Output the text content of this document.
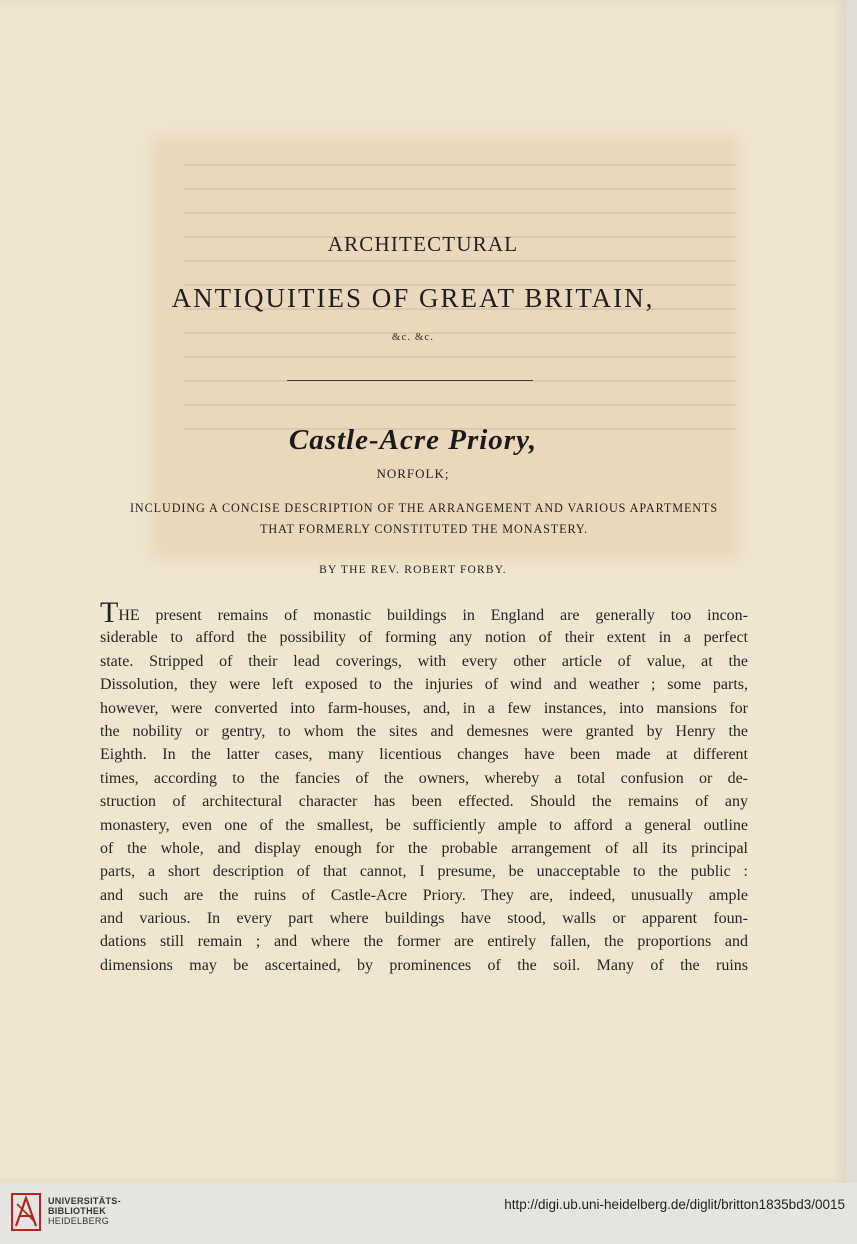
ARCHITECTURAL
ANTIQUITIES OF GREAT BRITAIN,
&c. &c.
Castle-Acre Priory,
NORFOLK;
INCLUDING A CONCISE DESCRIPTION OF THE ARRANGEMENT AND VARIOUS APARTMENTS
THAT FORMERLY CONSTITUTED THE MONASTERY.
BY THE REV. ROBERT FORBY.
THE present remains of monastic buildings in England are generally too incon-
siderable to afford the possibility of forming any notion of their extent in a perfect
state. Stripped of their lead coverings, with every other article of value, at the
Dissolution, they were left exposed to the injuries of wind and weather ; some parts,
however, were converted into farm-houses, and, in a few instances, into mansions for
the nobility or gentry, to whom the sites and demesnes were granted by Henry the
Eighth. In the latter cases, many licentious changes have been made at different
times, according to the fancies of the owners, whereby a total confusion or de-
struction of architectural character has been effected. Should the remains of any
monastery, even one of the smallest, be sufficiently ample to afford a general outline
of the whole, and display enough for the probable arrangement of all its principal
parts, a short description of that cannot, I presume, be unacceptable to the public :
and such are the ruins of Castle-Acre Priory. They are, indeed, unusually ample
and various. In every part where buildings have stood, walls or apparent foun-
dations still remain ; and where the former are entirely fallen, the proportions and
dimensions may be ascertained, by prominences of the soil. Many of the ruins
UNIVERSITÄTS-
BIBLIOTHEK
HEIDELBERG
http://digi.ub.uni-heidelberg.de/diglit/britton1835bd3/0015
